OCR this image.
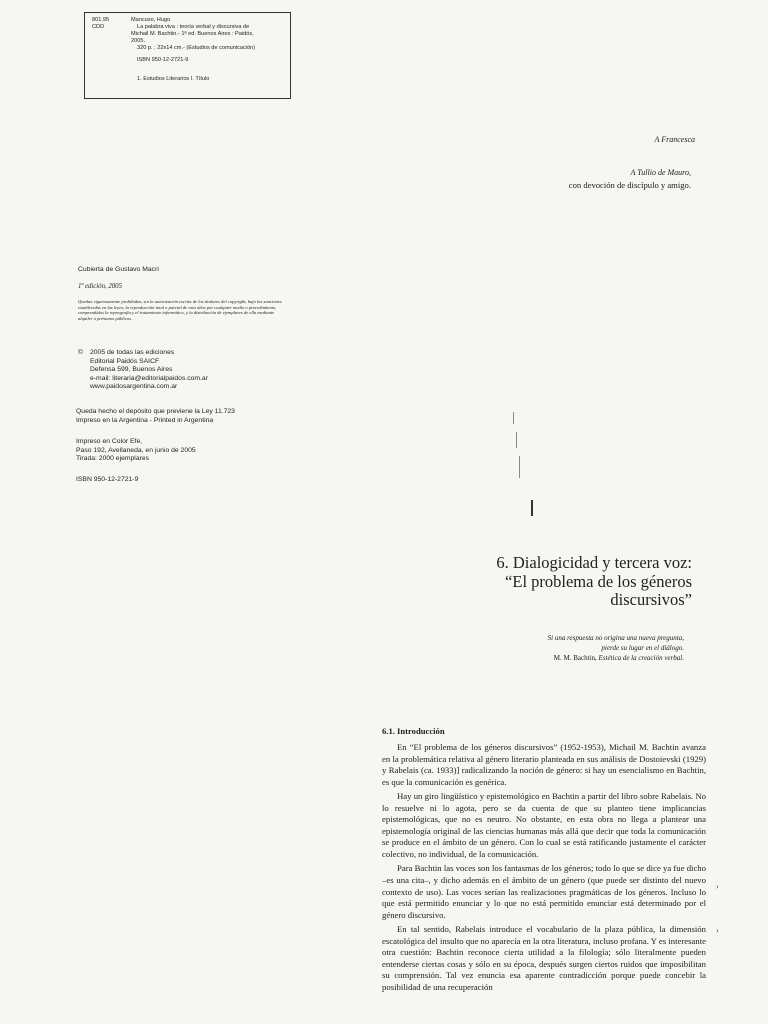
801.95
CDD
Mancuso, Hugo
La palabra viva : teoría verbal y discursiva de
Michail M. Bachtin.- 1ª ed. Buenos Aires : Paidós,
2005.
320 p. ; 22x14 cm.- (Estudios de comunicación)
ISBN 950-12-2721-9
1. Estudios Literarios I. Título
A Francesca
A Tullio de Mauro,
con devoción de discípulo y amigo.
Cubierta de Gustavo Macri
1ª edición, 2005
Quedan rigurosamente prohibidas, sin la autorización escrita de los titulares del copyright, bajo las sanciones establecidas en las leyes, la reproducción total o parcial de esta obra por cualquier medio o procedimiento, comprendidos la reprografía y el tratamiento informático, y la distribución de ejemplares de ella mediante alquiler o préstamo públicos.
© 2005 de todas las ediciones
Editorial Paidós SAICF
Defensa 599, Buenos Aires
e-mail: literaria@editorialpaidos.com.ar
www.paidosargentina.com.ar
Queda hecho el depósito que previene la Ley 11.723
Impreso en la Argentina - Printed in Argentina
Impreso en Color Efe,
Paso 192, Avellaneda, en junio de 2005
Tirada: 2000 ejemplares
ISBN 950-12-2721-9
6. Dialogicidad y tercera voz:
“El problema de los géneros
discursivos”
Si una respuesta no origina una nueva pregunta,
pierde su lugar en el diálogo.
M. M. Bachtin, Estética de la creación verbal.
6.1. Introducción

En “El problema de los géneros discursivos” (1952-1953), Michail M. Bachtin avanza en la problemática relativa al género literario planteada en sus análisis de Dostoievski (1929) y Rabelais (ca. 1933)] radicalizando la noción de género: si hay un esencialismo en Bachtin, es que la comunicación es genérica.

Hay un giro lingüístico y epistemológico en Bachtin a partir del libro sobre Rabelais. No lo resuelve ni lo agota, pero se da cuenta de que su planteo tiene implicancias epistemológicas, que no es neutro. No obstante, en esta obra no llega a plantear una epistemología original de las ciencias humanas más allá que decir que toda la comunicación se produce en el ámbito de un género. Con lo cual se está ratificando justamente el carácter colectivo, no individual, de la comunicación.

Para Bachtin las voces son los fantasmas de los géneros; todo lo que se dice ya fue dicho –es una cita–, y dicho además en el ámbito de un género (que puede ser distinto del nuevo contexto de uso). Las voces serían las realizaciones pragmáticas de los géneros. Incluso lo que está permitido enunciar y lo que no está permitido enunciar está determinado por el género discursivo.

En tal sentido, Rabelais introduce el vocabulario de la plaza pública, la dimensión escatológica del insulto que no aparecía en la otra literatura, incluso profana. Y es interesante otra cuestión: Bachtin reconoce cierta utilidad a la filología; sólo literalmente pueden entenderse ciertas cosas y sólo en su época, después surgen ciertos ruidos que imposibilitan su comprensión. Tal vez enuncia esa aparente contradicción porque puede concebir la posibilidad de una recuperación

›
›
